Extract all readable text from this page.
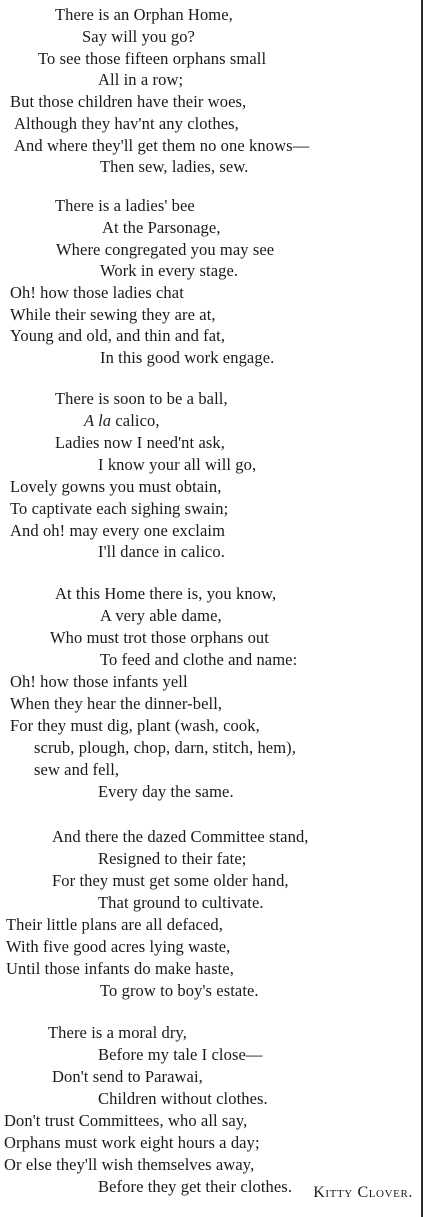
There is an Orphan Home,
Say will you go?
To see those fifteen orphans small
All in a row;
But those children have their woes,
Although they hav'nt any clothes,
And where they'll get them no one knows—
Then sew, ladies, sew.
There is a ladies' bee
At the Parsonage,
Where congregated you may see
Work in every stage.
Oh! how those ladies chat
While their sewing they are at,
Young and old, and thin and fat,
In this good work engage.
There is soon to be a ball,
A la calico,
Ladies now I need'nt ask,
I know your all will go,
Lovely gowns you must obtain,
To captivate each sighing swain;
And oh! may every one exclaim
I'll dance in calico.
At this Home there is, you know,
A very able dame,
Who must trot those orphans out
To feed and clothe and name:
Oh! how those infants yell
When they hear the dinner-bell,
For they must dig, plant (wash, cook,
scrub, plough, chop, darn, stitch, hem),
sew and fell,
Every day the same.
And there the dazed Committee stand,
Resigned to their fate;
For they must get some older hand,
That ground to cultivate.
Their little plans are all defaced,
With five good acres lying waste,
Until those infants do make haste,
To grow to boy's estate.
There is a moral dry,
Before my tale I close—
Don't send to Parawai,
Children without clothes.
Don't trust Committees, who all say,
Orphans must work eight hours a day;
Or else they'll wish themselves away,
Before they get their clothes. Kitty Clover.
